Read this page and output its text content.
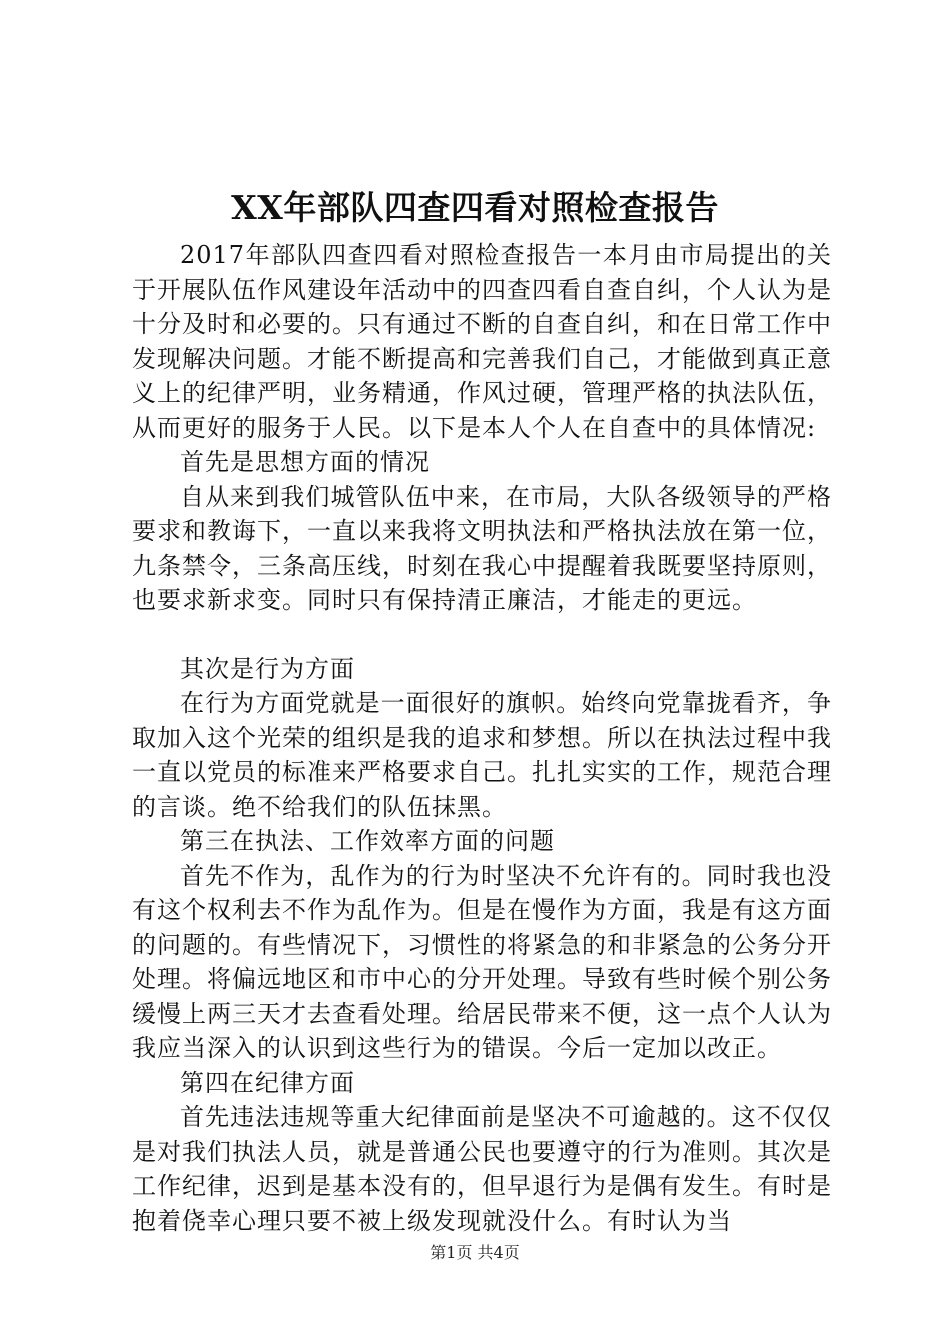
XX年部队四查四看对照检查报告

2017年部队四查四看对照检查报告一本月由市局提出的关于开展队伍作风建设年活动中的四查四看自查自纠，个人认为是十分及时和必要的。只有通过不断的自查自纠，和在日常工作中发现解决问题。才能不断提高和完善我们自己，才能做到真正意义上的纪律严明，业务精通，作风过硬，管理严格的执法队伍，从而更好的服务于人民。以下是本人个人在自查中的具体情况:

首先是思想方面的情况

自从来到我们城管队伍中来，在市局，大队各级领导的严格要求和教诲下，一直以来我将文明执法和严格执法放在第一位，九条禁令，三条高压线，时刻在我心中提醒着我既要坚持原则，也要求新求变。同时只有保持清正廉洁，才能走的更远。

其次是行为方面

在行为方面党就是一面很好的旗帜。始终向党靠拢看齐，争取加入这个光荣的组织是我的追求和梦想。所以在执法过程中我一直以党员的标准来严格要求自己。扎扎实实的工作，规范合理的言谈。绝不给我们的队伍抹黑。

第三在执法、工作效率方面的问题

首先不作为，乱作为的行为时坚决不允许有的。同时我也没有这个权利去不作为乱作为。但是在慢作为方面，我是有这方面的问题的。有些情况下，习惯性的将紧急的和非紧急的公务分开处理。将偏远地区和市中心的分开处理。导致有些时候个别公务缓慢上两三天才去查看处理。给居民带来不便，这一点个人认为我应当深入的认识到这些行为的错误。今后一定加以改正。

第四在纪律方面

首先违法违规等重大纪律面前是坚决不可逾越的。这不仅仅是对我们执法人员，就是普通公民也要遵守的行为准则。其次是工作纪律，迟到是基本没有的，但早退行为是偶有发生。有时是抱着侥幸心理只要不被上级发现就没什么。有时认为当

第1页 共4页
